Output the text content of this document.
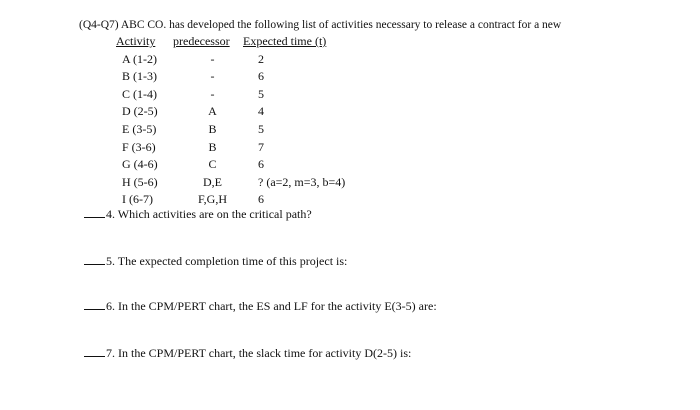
(Q4-Q7) ABC CO. has developed the following list of activities necessary to release a contract for a new
Activity	predecessor	Expected time (t)
A (1-2)	-	2
B (1-3)	-	6
C (1-4)	-	5
D (2-5)	A	4
E (3-5)	B	5
F (3-6)	B	7
G (4-6)	C	6
H (5-6)	D,E	? (a=2, m=3, b=4)
I (6-7)	F,G,H	6
4. Which activities are on the critical path?
5. The expected completion time of this project is:
6. In the CPM/PERT chart, the ES and LF for the activity E(3-5) are:
7. In the CPM/PERT chart, the slack time for activity D(2-5) is:
